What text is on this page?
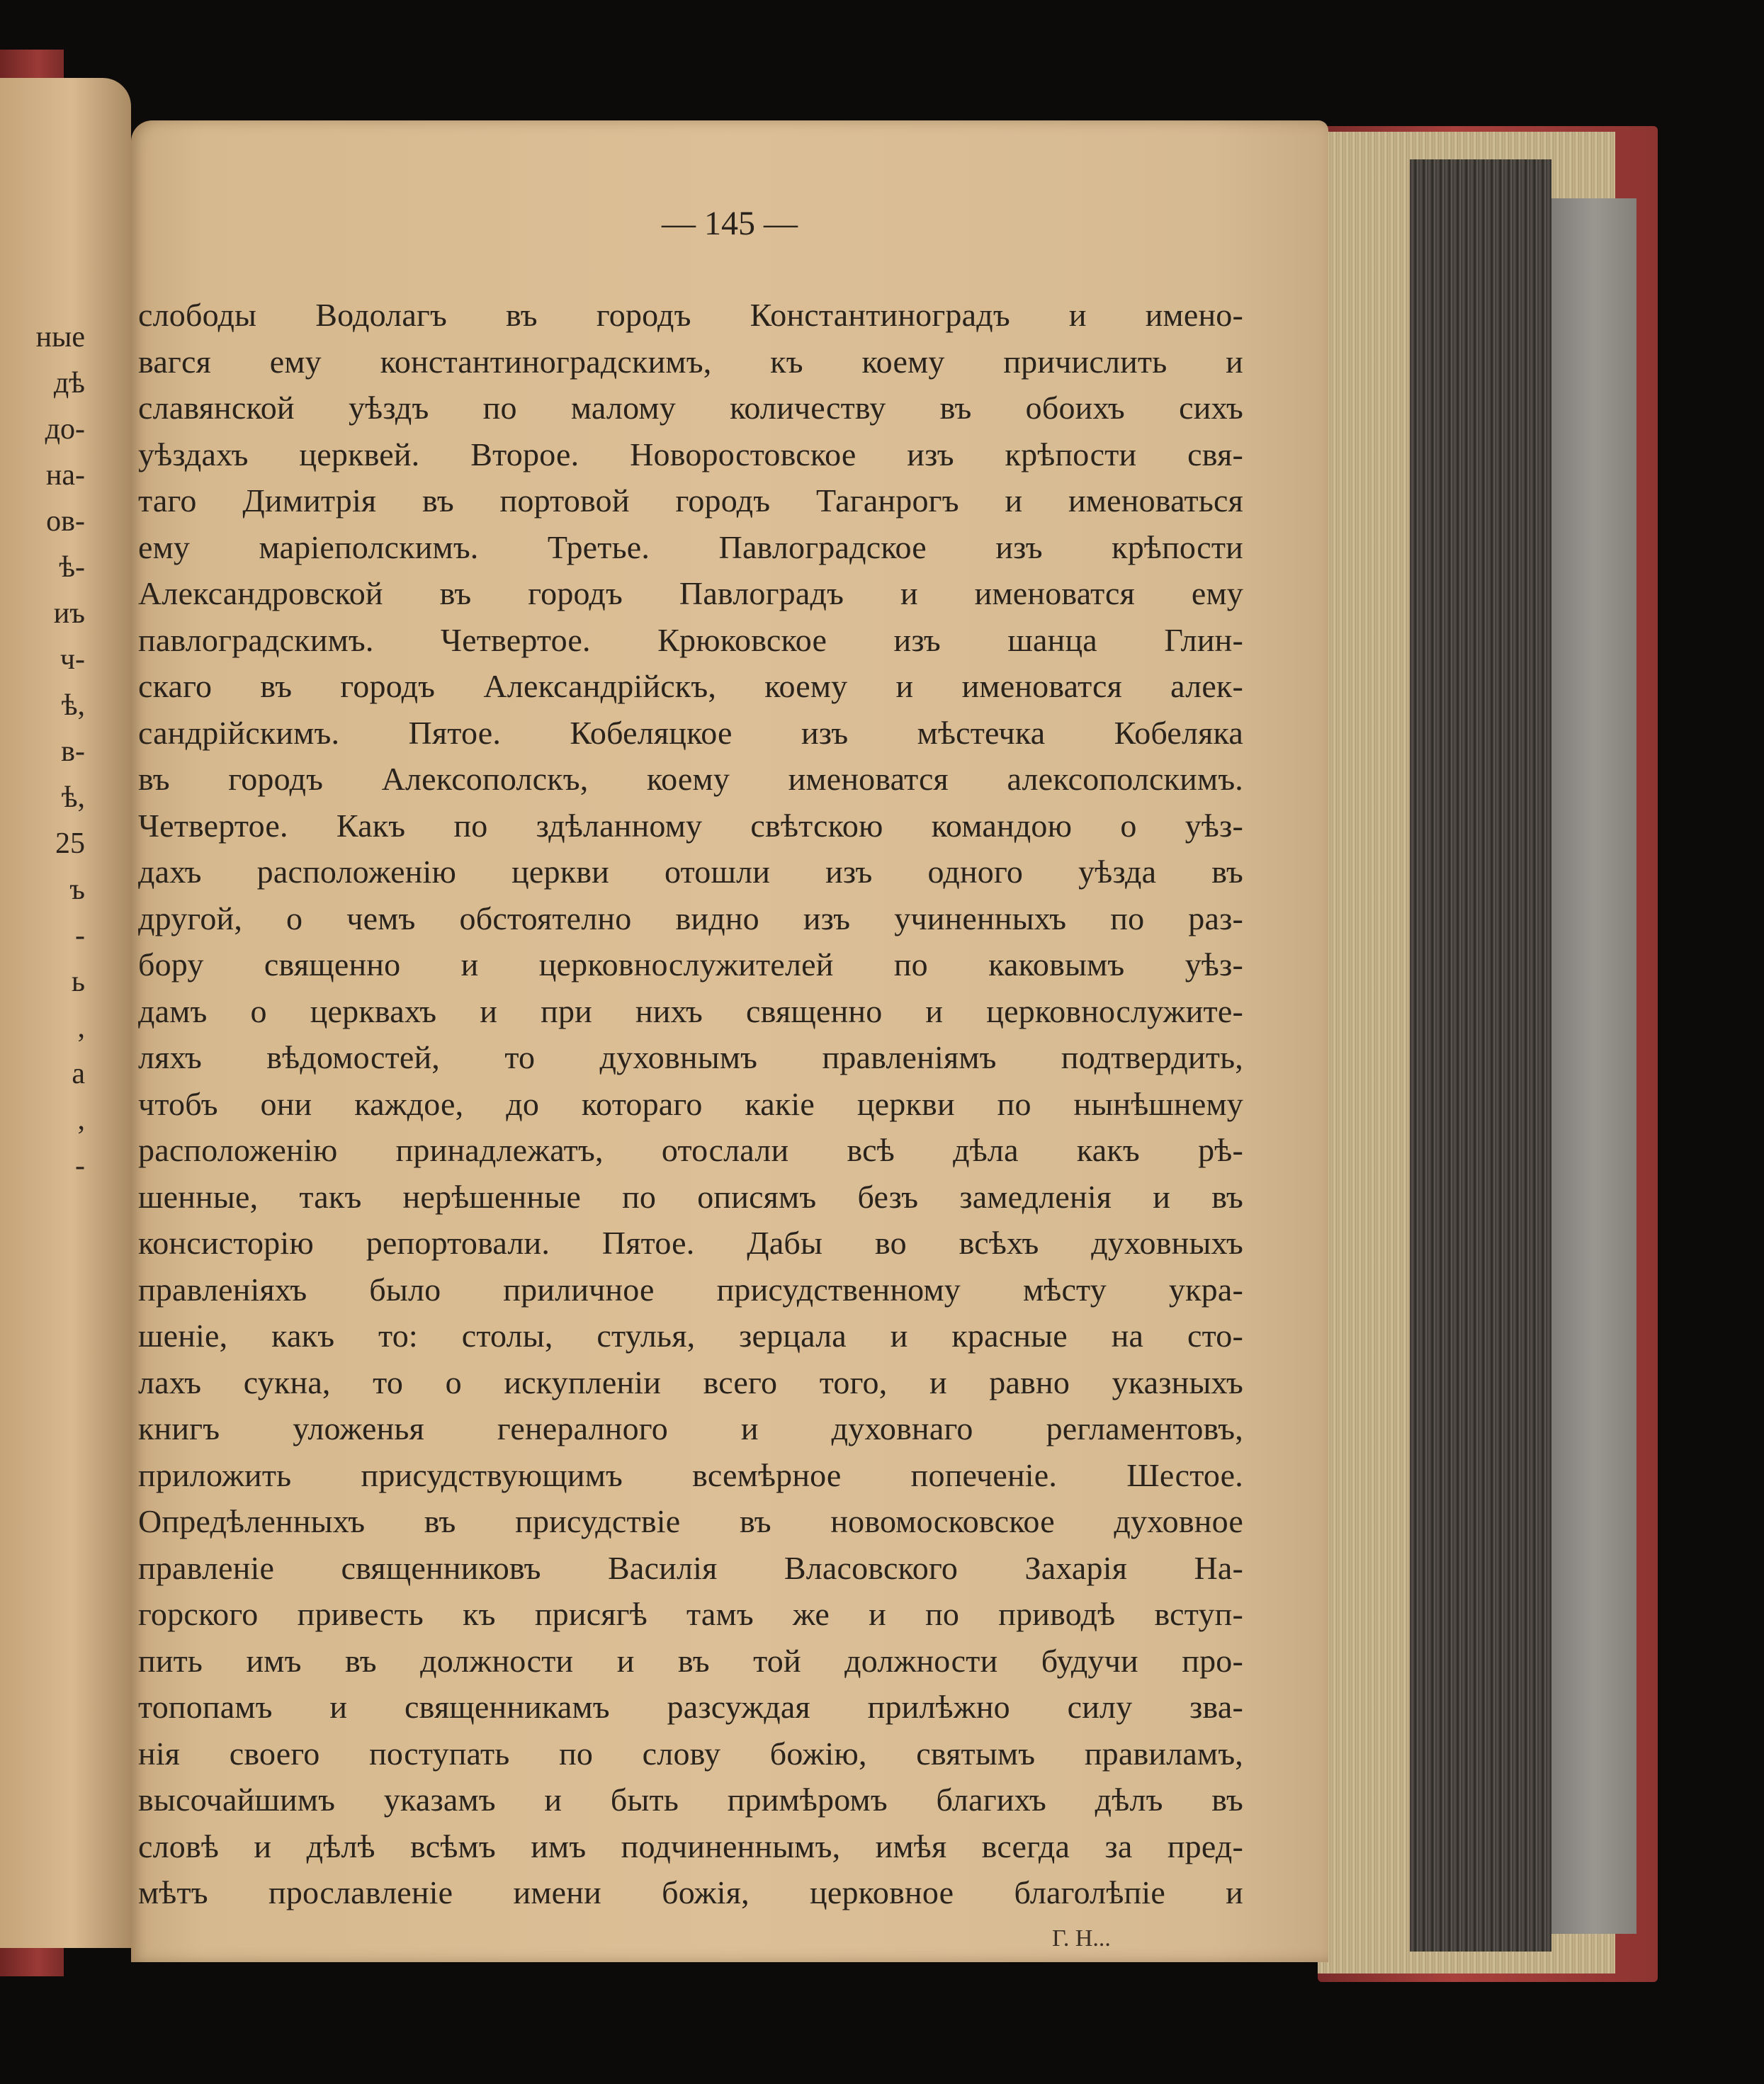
ные
дѣ
до-
на-
ов-
ѣ-
иъ
ч-
ѣ,
в-
ѣ,
25
ъ
-
ь
,
а
,
-
— 145 —
слободы Водолагъ въ городъ Константиноградъ и имено-
вагся ему константиноградскимъ, къ коему причислить и
славянской уѣздъ по малому количеству въ обоихъ сихъ
уѣздахъ церквей. Второе. Новоростовское изъ крѣпости свя-
таго Димитрія въ портовой городъ Таганрогъ и именоваться
ему маріеполскимъ. Третье. Павлоградское изъ крѣпости
Александровской въ городъ Павлоградъ и именоватся ему
павлоградскимъ. Четвертое. Крюковское изъ шанца Глин-
скаго въ городъ Александрійскъ, коему и именоватся алек-
сандрійскимъ. Пятое. Кобеляцкое изъ мѣстечка Кобеляка
въ городъ Алексополскъ, коему именоватся алексополскимъ.
Четвертое. Какъ по здѣланному свѣтскою командою о уѣз-
дахъ расположенію церкви отошли изъ одного уѣзда въ
другой, о чемъ обстоятелно видно изъ учиненныхъ по раз-
бору священно и церковнослужителей по каковымъ уѣз-
дамъ о церквахъ и при нихъ священно и церковнослужите-
ляхъ вѣдомостей, то духовнымъ правленіямъ подтвердить,
чтобъ они каждое, до котораго какіе церкви по нынѣшнему
расположенію принадлежатъ, отослали всѣ дѣла какъ рѣ-
шенные, такъ нерѣшенные по описямъ безъ замедленія и въ
консисторію репортовали. Пятое. Дабы во всѣхъ духовныхъ
правленіяхъ было приличное присудственному мѣсту укра-
шеніе, какъ то: столы, стулья, зерцала и красные на сто-
лахъ сукна, то о искупленіи всего того, и равно указныхъ
книгъ уложенья генералного и духовнаго регламентовъ,
приложить присудствующимъ всемѣрное попеченіе. Шестое.
Опредѣленныхъ въ присудствіе въ новомосковское духовное
правленіе священниковъ Василія Власовского Захарія На-
горского привесть къ присягѣ тамъ же и по приводѣ вступ-
пить имъ въ должности и въ той должности будучи про-
топопамъ и священникамъ разсуждая прилѣжно силу зва-
нія своего поступать по слову божію, святымъ правиламъ,
высочайшимъ указамъ и быть примѣромъ благихъ дѣлъ въ
словѣ и дѣлѣ всѣмъ имъ подчиненнымъ, имѣя всегда за пред-
мѣтъ прославленіе имени божія, церковное благолѣпіе и
Г. Н...
